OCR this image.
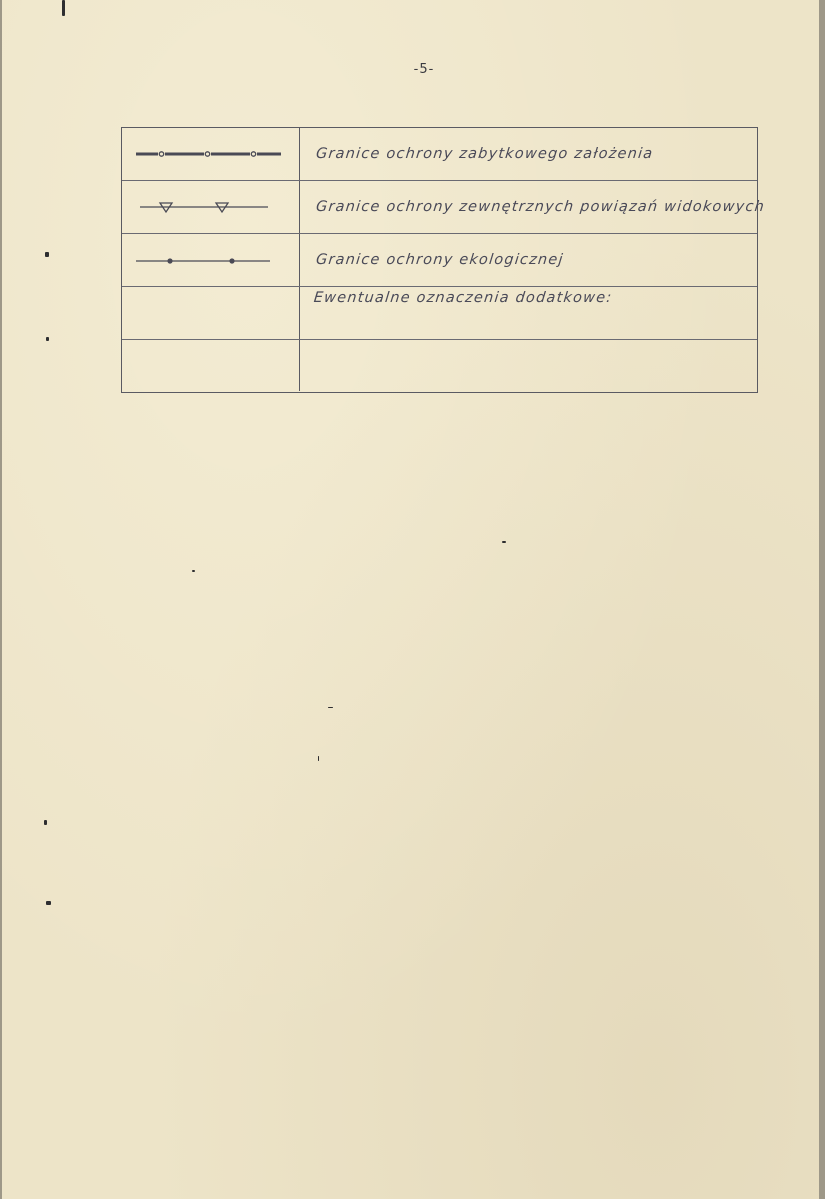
-5-
Granice ochrony zabytkowego założenia
Granice ochrony zewnętrznych powiązań widokowych
Granice ochrony ekologicznej
Ewentualne oznaczenia dodatkowe:
